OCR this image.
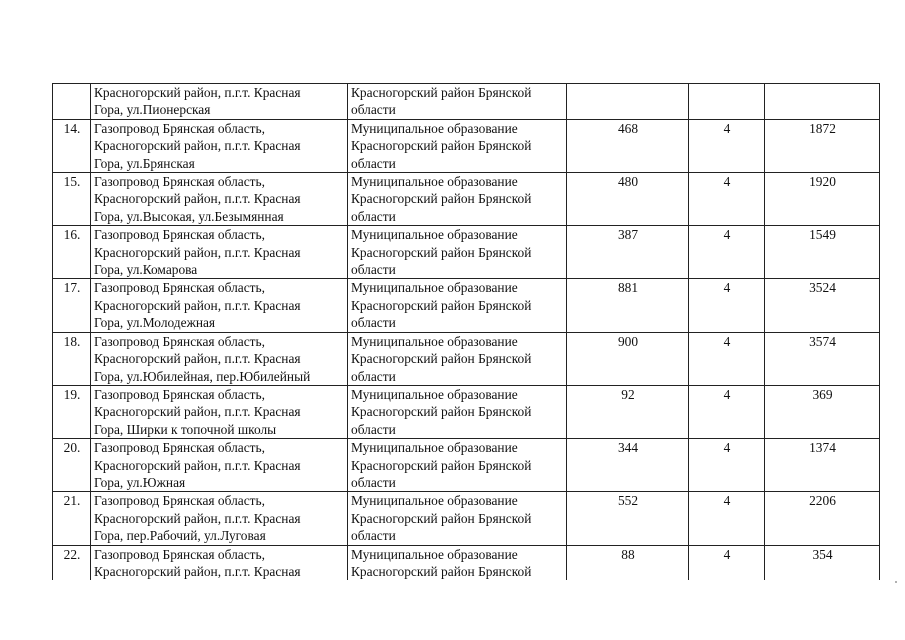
	Красногорский район, п.г.т. Красная
Гора, ул.Пионерская	Красногорский район Брянской
области			
14.	Газопровод Брянская область,
Красногорский район, п.г.т. Красная
Гора, ул.Брянская	Муниципальное образование
Красногорский район Брянской
области	468	4	1872
15.	Газопровод Брянская область,
Красногорский район, п.г.т. Красная
Гора, ул.Высокая, ул.Безымянная	Муниципальное образование
Красногорский район Брянской
области	480	4	1920
16.	Газопровод Брянская область,
Красногорский район, п.г.т. Красная
Гора, ул.Комарова	Муниципальное образование
Красногорский район Брянской
области	387	4	1549
17.	Газопровод Брянская область,
Красногорский район, п.г.т. Красная
Гора, ул.Молодежная	Муниципальное образование
Красногорский район Брянской
области	881	4	3524
18.	Газопровод Брянская область,
Красногорский район, п.г.т. Красная
Гора, ул.Юбилейная, пер.Юбилейный	Муниципальное образование
Красногорский район Брянской
области	900	4	3574
19.	Газопровод Брянская область,
Красногорский район, п.г.т. Красная
Гора, Ширки к топочной школы	Муниципальное образование
Красногорский район Брянской
области	92	4	369
20.	Газопровод Брянская область,
Красногорский район, п.г.т. Красная
Гора, ул.Южная	Муниципальное образование
Красногорский район Брянской
области	344	4	1374
21.	Газопровод Брянская область,
Красногорский район, п.г.т. Красная
Гора, пер.Рабочий, ул.Луговая	Муниципальное образование
Красногорский район Брянской
области	552	4	2206
22.	Газопровод Брянская область,
Красногорский район, п.г.т. Красная	Муниципальное образование
Красногорский район Брянской	88	4	354
